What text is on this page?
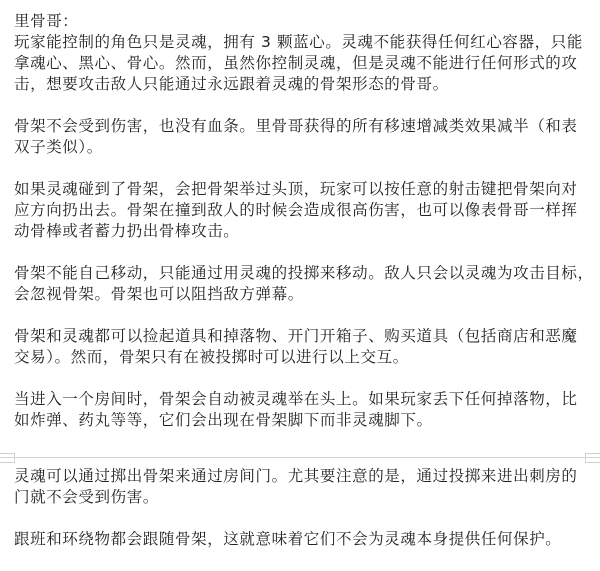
里骨哥：
玩家能控制的角色只是灵魂，拥有 3 颗蓝心。灵魂不能获得任何红心容器，只能
拿魂心、黑心、骨心。然而，虽然你控制灵魂，但是灵魂不能进行任何形式的攻
击，想要攻击敌人只能通过永远跟着灵魂的骨架形态的骨哥。
骨架不会受到伤害，也没有血条。里骨哥获得的所有移速增减类效果减半（和表
双子类似）。
如果灵魂碰到了骨架，会把骨架举过头顶，玩家可以按任意的射击键把骨架向对
应方向扔出去。骨架在撞到敌人的时候会造成很高伤害，也可以像表骨哥一样挥
动骨棒或者蓄力扔出骨棒攻击。
骨架不能自己移动，只能通过用灵魂的投掷来移动。敌人只会以灵魂为攻击目标，
会忽视骨架。骨架也可以阻挡敌方弹幕。
骨架和灵魂都可以捡起道具和掉落物、开门开箱子、购买道具（包括商店和恶魔
交易）。然而，骨架只有在被投掷时可以进行以上交互。
当进入一个房间时，骨架会自动被灵魂举在头上。如果玩家丢下任何掉落物，比
如炸弹、药丸等等，它们会出现在骨架脚下而非灵魂脚下。
灵魂可以通过掷出骨架来通过房间门。尤其要注意的是，通过投掷来进出刺房的
门就不会受到伤害。
跟班和环绕物都会跟随骨架，这就意味着它们不会为灵魂本身提供任何保护。
